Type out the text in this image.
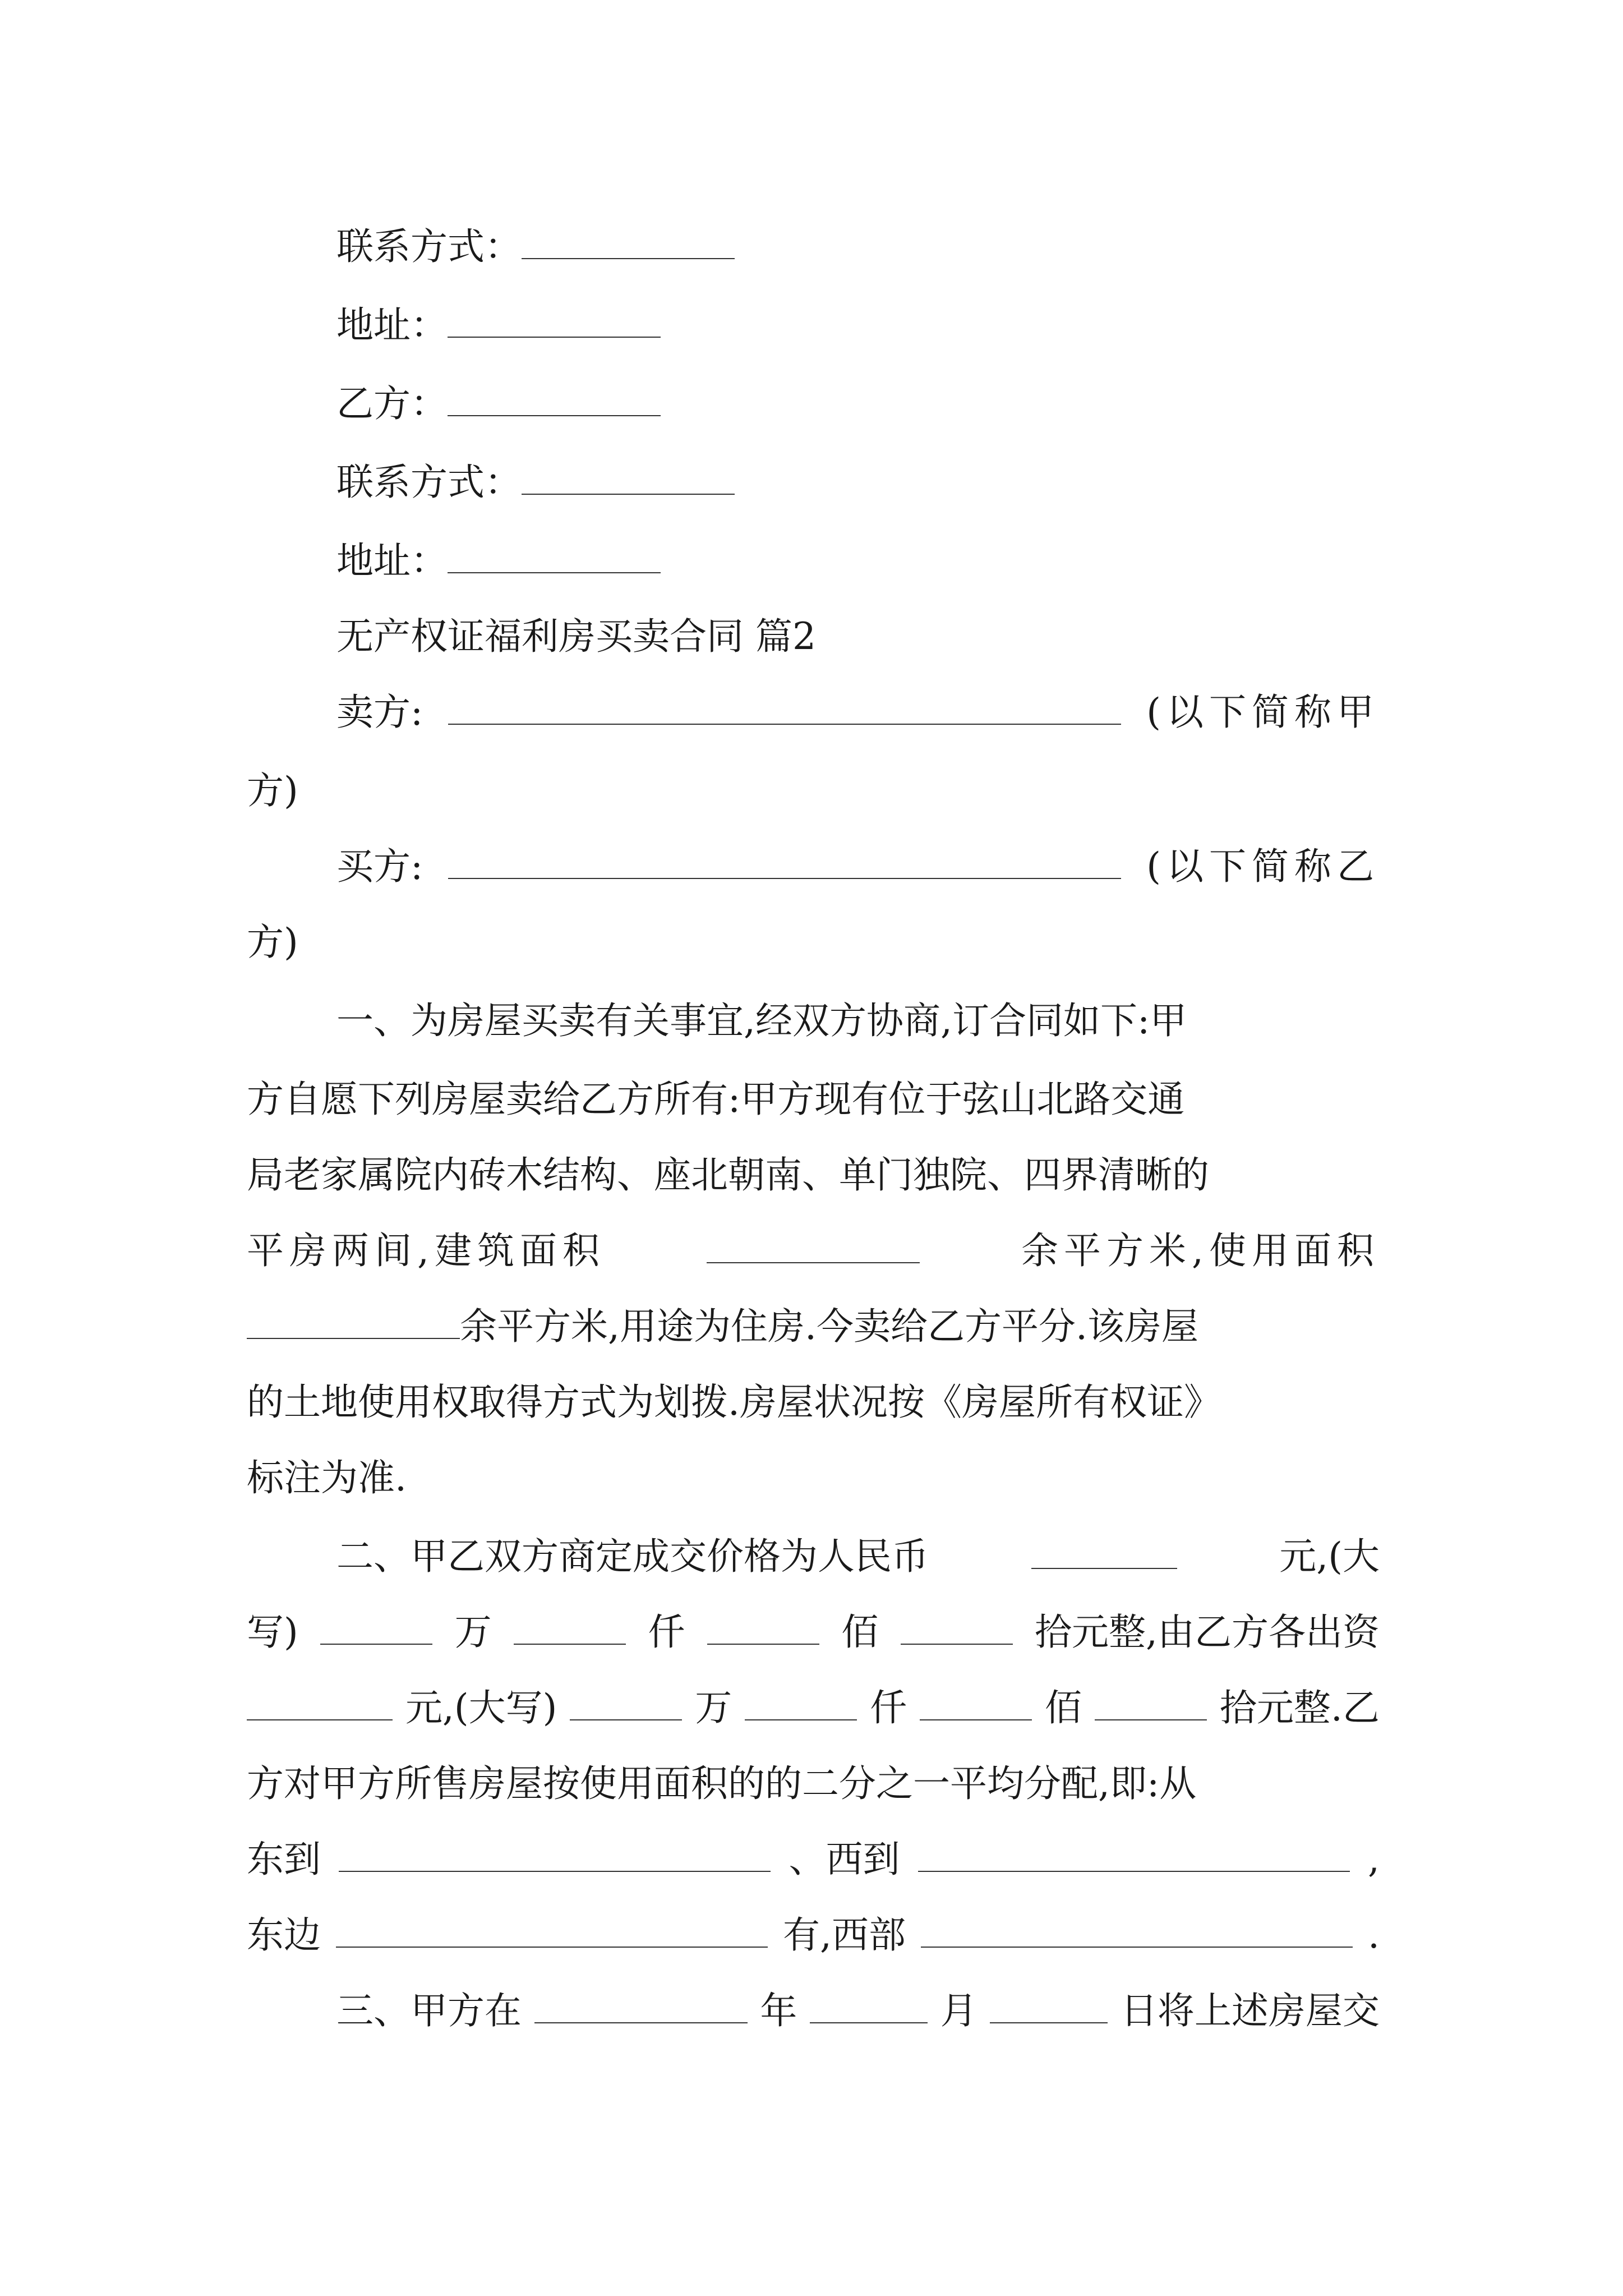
联系方式：
地址：
乙方：
联系方式：
地址：
无产权证福利房买卖合同 篇2
卖方:	(以下简称甲
方)
买方:	(以下简称乙
方)
一、为房屋买卖有关事宜,经双方协商,订合同如下:甲
方自愿下列房屋卖给乙方所有:甲方现有位于弦山北路交通
局老家属院内砖木结构、座北朝南、单门独院、四界清晰的
平房两间,建筑面积	余平方米,使用面积
余平方米,用途为住房.今卖给乙方平分.该房屋
的土地使用权取得方式为划拨.房屋状况按《房屋所有权证》
标注为准.
二、甲乙双方商定成交价格为人民币	元,(大
写)	万	仟	佰	拾元整,由乙方各出资
元,(大写)	万	仟	佰	拾元整.乙
方对甲方所售房屋按使用面积的的二分之一平均分配,即:从
东到	、西到	,
东边	有,西部	.
三、甲方在	年	月	日将上述房屋交
